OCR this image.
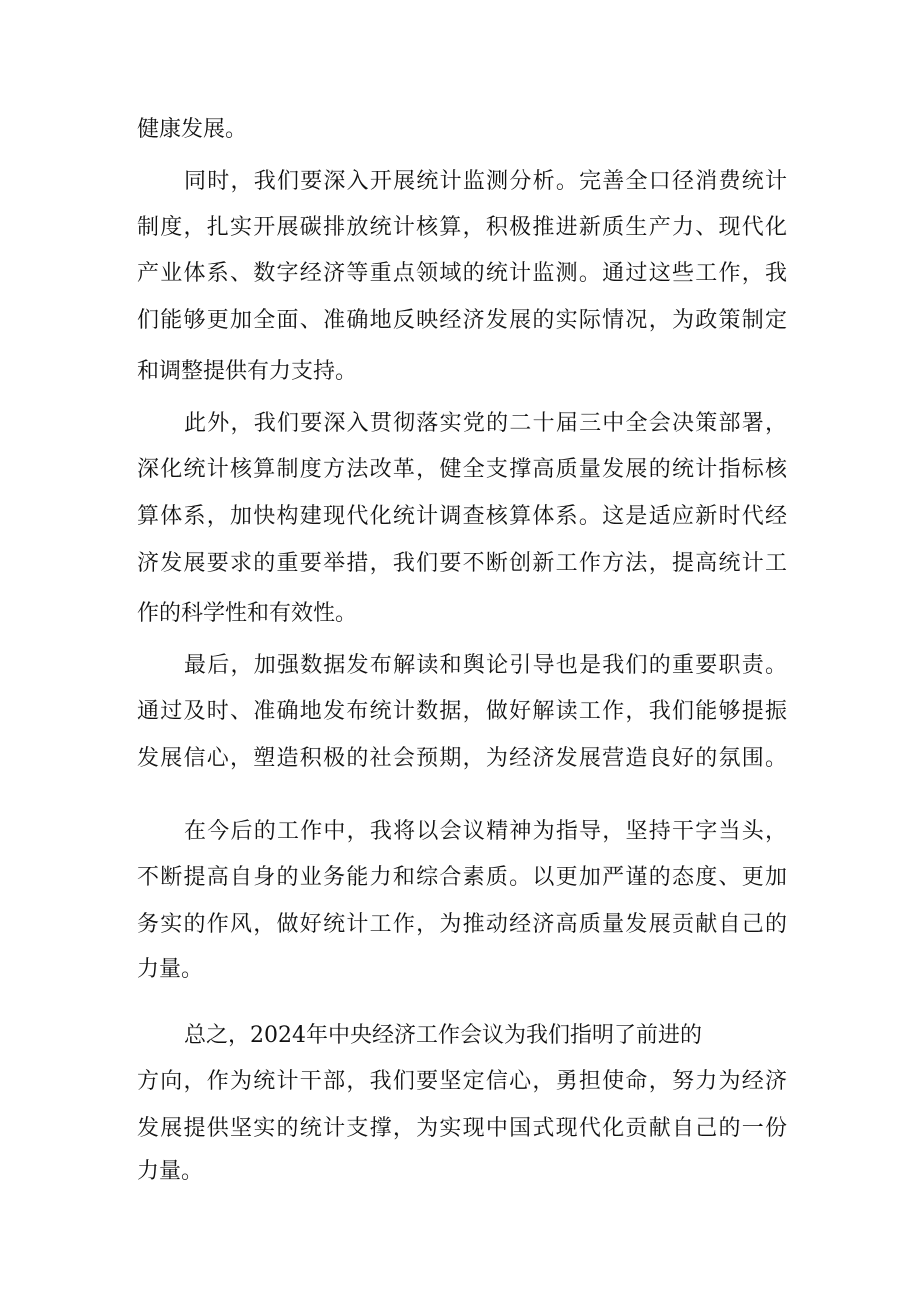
健康发展。
同时，我们要深入开展统计监测分析。完善全口径消费统计
制度，扎实开展碳排放统计核算，积极推进新质生产力、现代化
产业体系、数字经济等重点领域的统计监测。通过这些工作，我
们能够更加全面、准确地反映经济发展的实际情况，为政策制定
和调整提供有力支持。
此外，我们要深入贯彻落实党的二十届三中全会决策部署，
深化统计核算制度方法改革，健全支撑高质量发展的统计指标核
算体系，加快构建现代化统计调查核算体系。这是适应新时代经
济发展要求的重要举措，我们要不断创新工作方法，提高统计工
作的科学性和有效性。
最后，加强数据发布解读和舆论引导也是我们的重要职责。
通过及时、准确地发布统计数据，做好解读工作，我们能够提振
发展信心，塑造积极的社会预期，为经济发展营造良好的氛围。
在今后的工作中，我将以会议精神为指导，坚持干字当头，
不断提高自身的业务能力和综合素质。以更加严谨的态度、更加
务实的作风，做好统计工作，为推动经济高质量发展贡献自己的
力量。
总之，2024年中央经济工作会议为我们指明了前进的
方向，作为统计干部，我们要坚定信心，勇担使命，努力为经济
发展提供坚实的统计支撑，为实现中国式现代化贡献自己的一份
力量。
